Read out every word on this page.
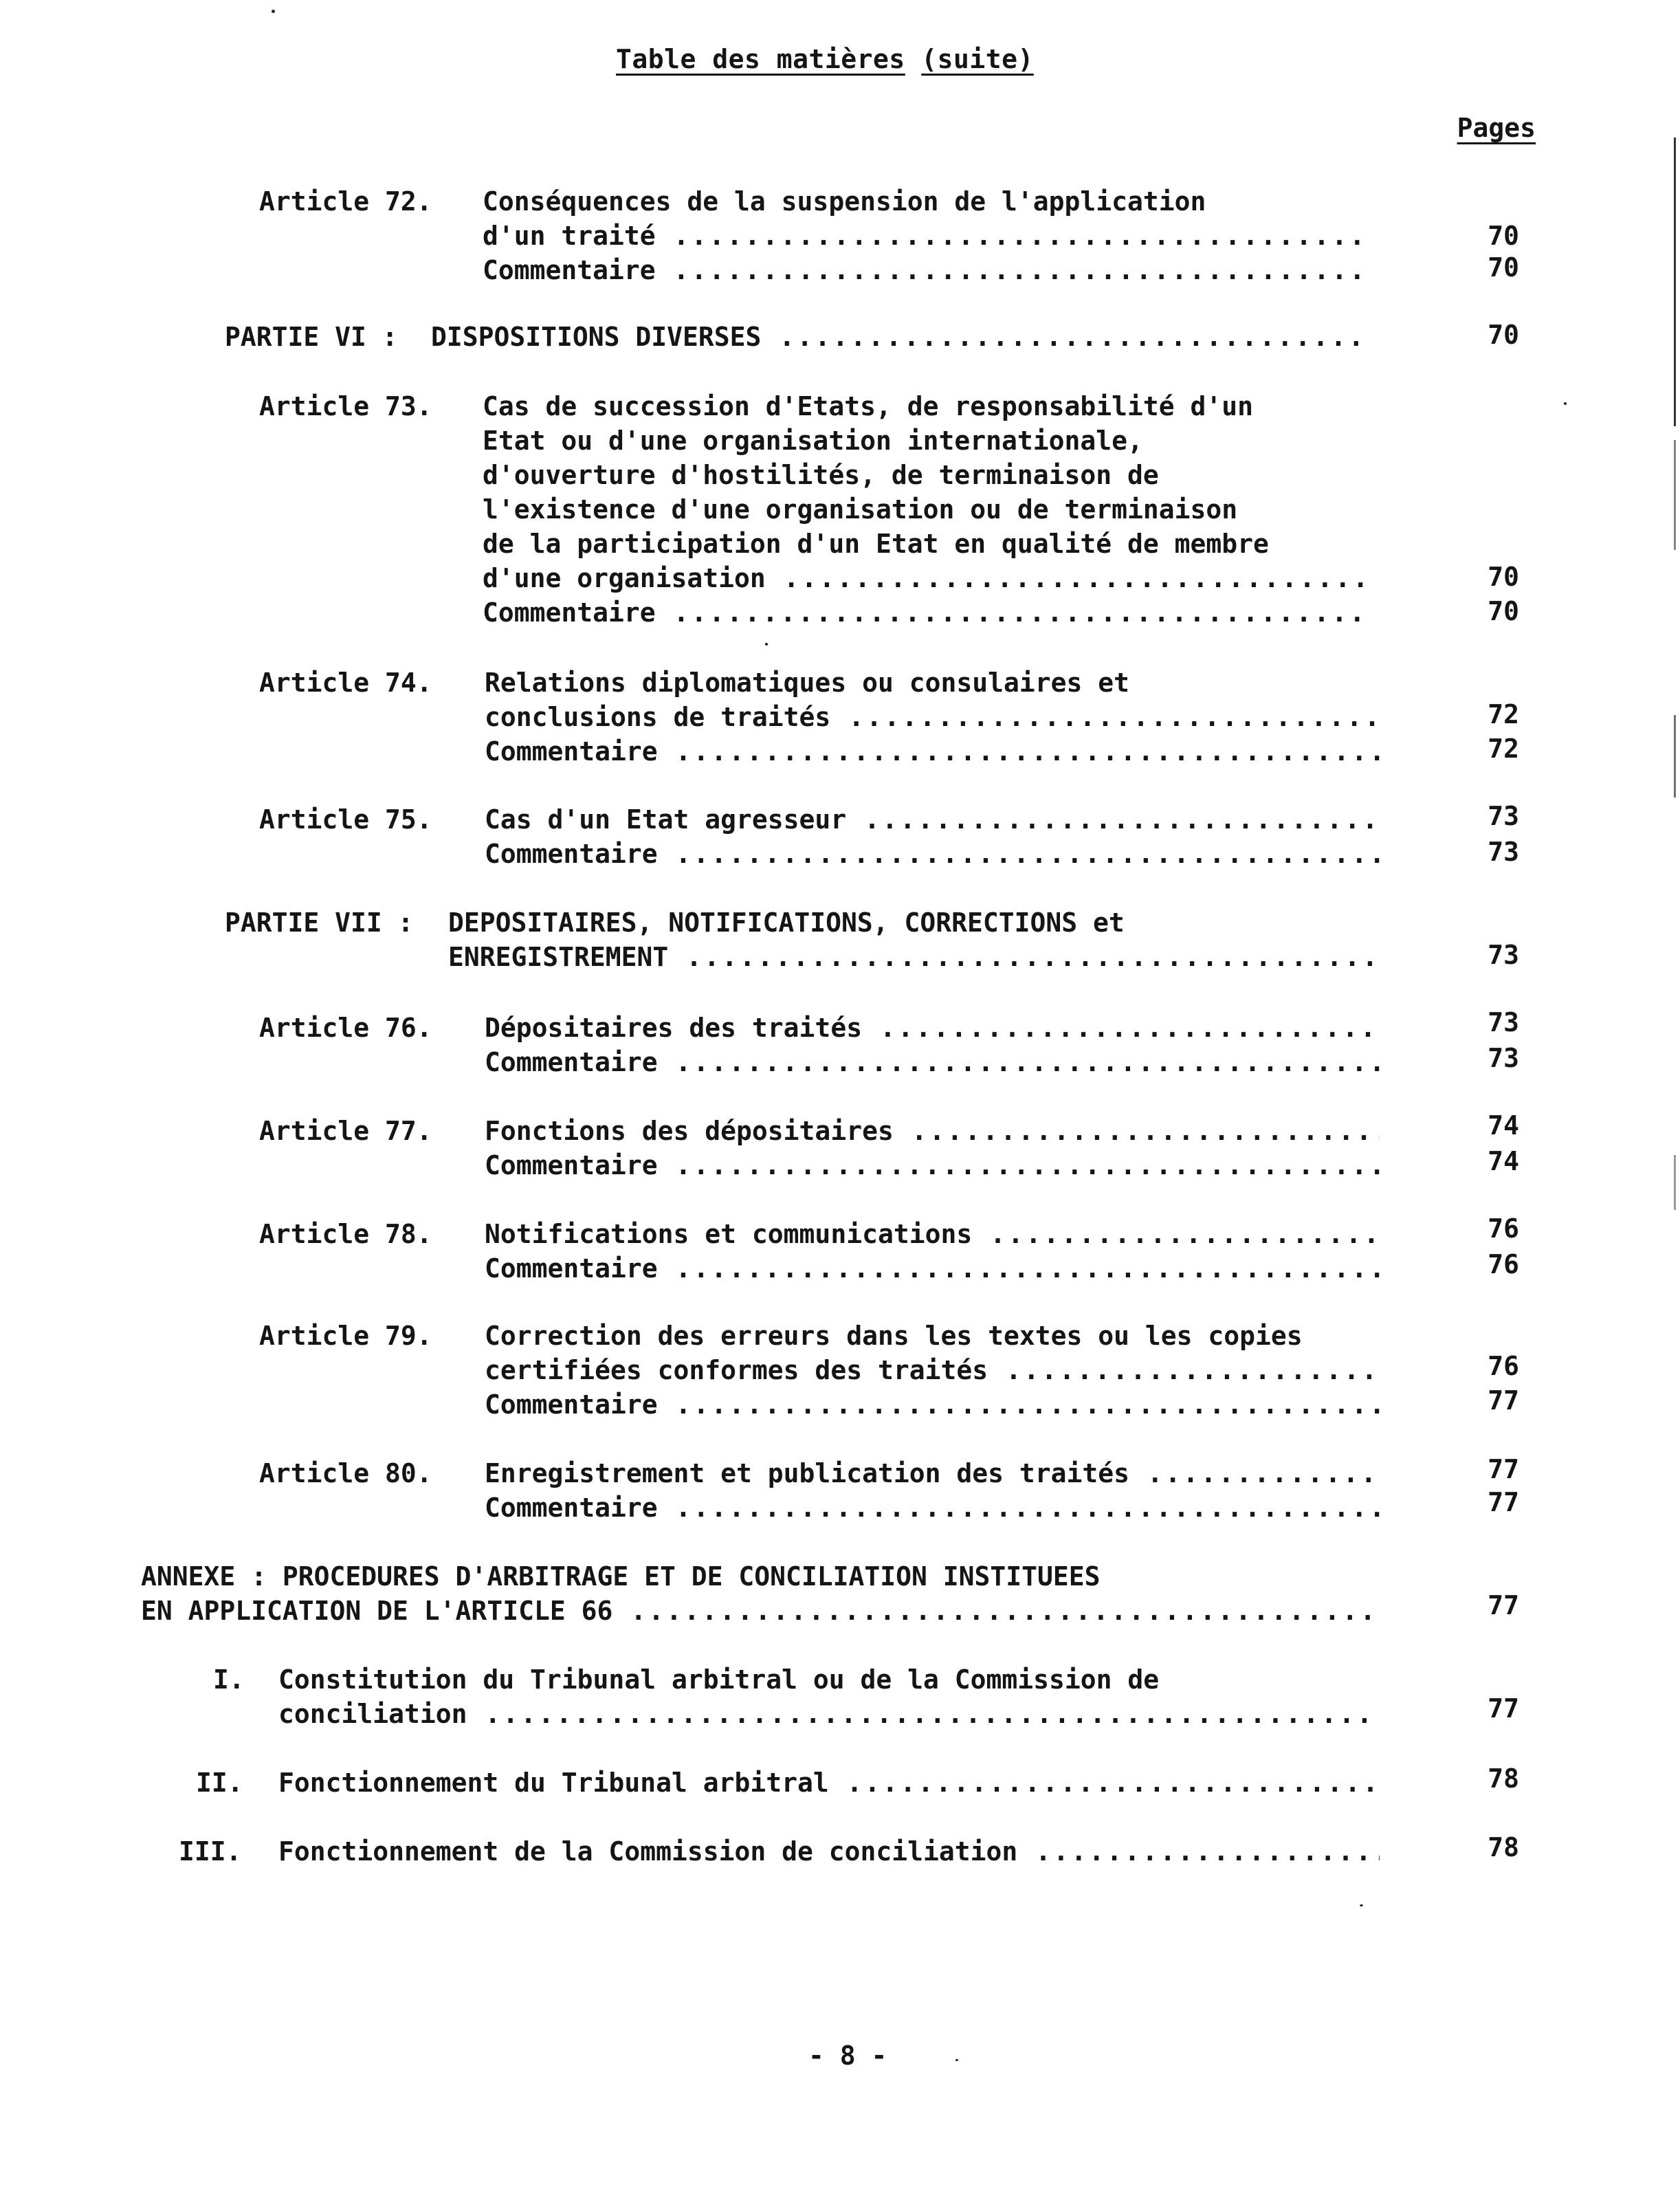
Table des matières (suite)
Pages
Article 72. Conséquences de la suspension de l'application
d'un traité .....	70
Commentaire .....	70
PARTIE VI : DISPOSITIONS DIVERSES .....	70
Article 73. Cas de succession d'Etats, de responsabilité d'un
Etat ou d'une organisation internationale,
d'ouverture d'hostilités, de terminaison de
l'existence d'une organisation ou de terminaison
de la participation d'un Etat en qualité de membre
d'une organisation .....	70
Commentaire .....	70
Article 74. Relations diplomatiques ou consulaires et
conclusions de traités .....	72
Commentaire .....	72
Article 75. Cas d'un Etat agresseur .....	73
Commentaire .....	73
PARTIE VII : DEPOSITAIRES, NOTIFICATIONS, CORRECTIONS et
ENREGISTREMENT .....	73
Article 76. Dépositaires des traités .....	73
Commentaire .....	73
Article 77. Fonctions des dépositaires .....	74
Commentaire .....	74
Article 78. Notifications et communications .....	76
Commentaire .....	76
Article 79. Correction des erreurs dans les textes ou les copies
certifiées conformes des traités .....	76
Commentaire .....	77
Article 80. Enregistrement et publication des traités .....	77
Commentaire .....	77
ANNEXE : PROCEDURES D'ARBITRAGE ET DE CONCILIATION INSTITUEES
EN APPLICATION DE L'ARTICLE 66 .....	77
I. Constitution du Tribunal arbitral ou de la Commission de
conciliation .....	77
II. Fonctionnement du Tribunal arbitral .....	78
III. Fonctionnement de la Commission de conciliation .....	78
- 8 -
